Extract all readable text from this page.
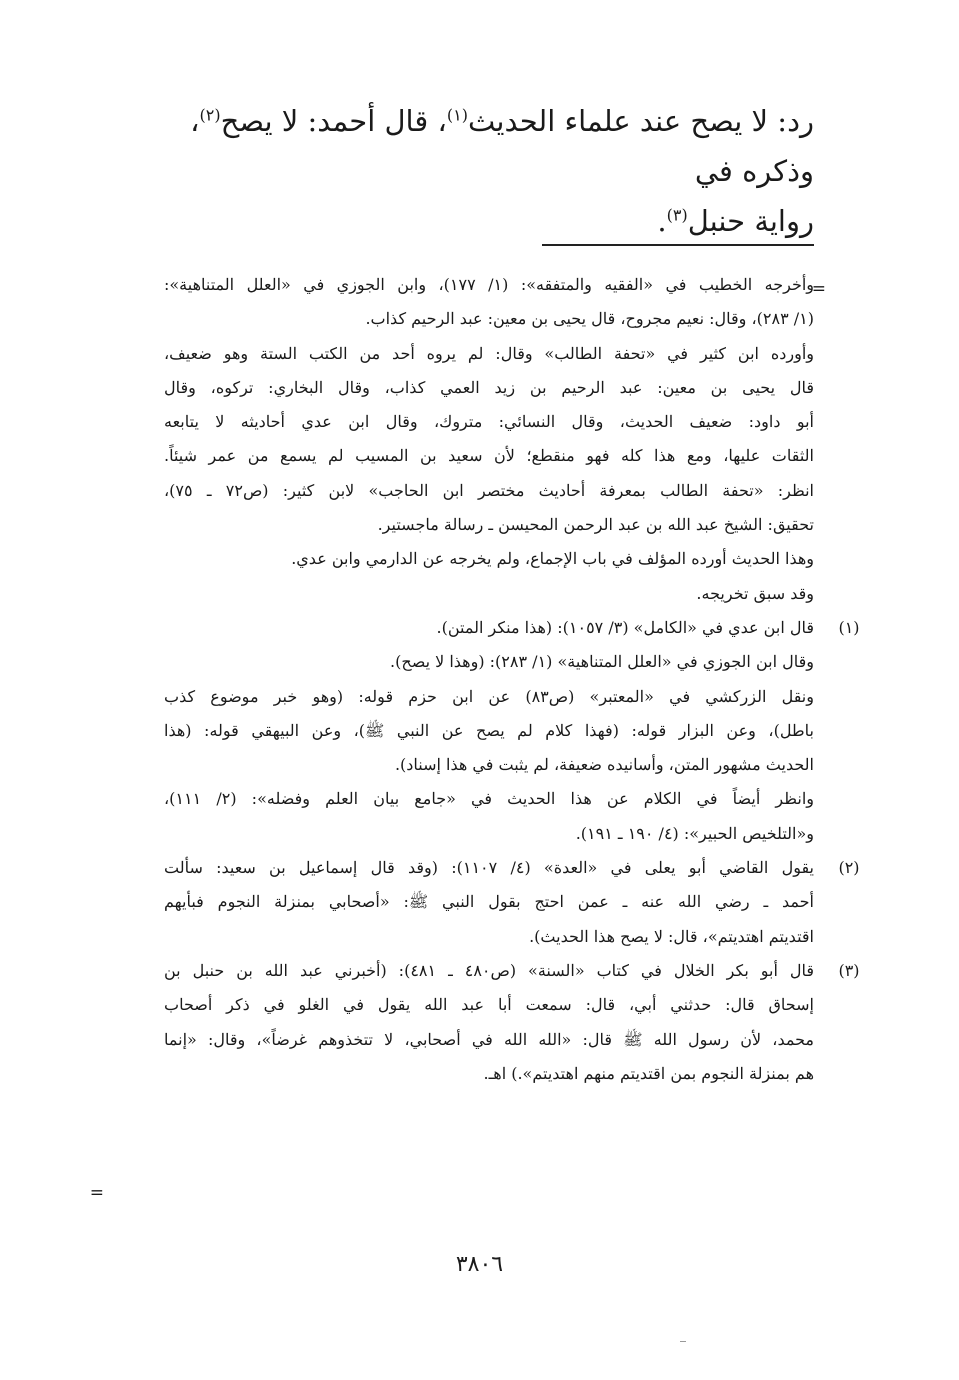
رد: لا يصح عند علماء الحديث$^{(١)}$، قال أحمد: لا يصح$^{(٢)}$، وذكره في

رواية حنبل$^{(٣)}$.

=

وأخرجه الخطيب في «الفقيه والمتفقه»: (١/ ١٧٧)، وابن الجوزي في «العلل المتناهية»:

(١/ ٢٨٣)، وقال: نعيم مجروح، قال يحيى بن معين: عبد الرحيم كذاب.

وأورده ابن كثير في «تحفة الطالب» وقال: لم يروه أحد من الكتب الستة وهو ضعيف،

قال يحيى بن معين: عبد الرحيم بن زيد العمي كذاب، وقال البخاري: تركوه، وقال

أبو داود: ضعيف الحديث، وقال النسائي: متروك، وقال ابن عدي أحاديثه لا يتابعه

الثقات عليها، ومع هذا كله فهو منقطع؛ لأن سعيد بن المسيب لم يسمع من عمر شيئاً.

انظر: «تحفة الطالب بمعرفة أحاديث مختصر ابن الحاجب» لابن كثير: (ص٧٢ ـ ٧٥)،

تحقيق: الشيخ عبد الله بن عبد الرحمن المحيسن ـ رسالة ماجستير.

وهذا الحديث أورده المؤلف في باب الإجماع، ولم يخرجه عن الدارمي وابن عدي.

وقد سبق تخريجه.

(١)

قال ابن عدي في «الكامل» (٣/ ١٠٥٧): (هذا منكر المتن).

وقال ابن الجوزي في «العلل المتناهية» (١/ ٢٨٣): (وهذا لا يصح).

ونقل الزركشي في «المعتبر» (ص٨٣) عن ابن حزم قوله: (وهو خبر موضوع كذب

باطل)، وعن البزار قوله: (فهذا كلام لم يصح عن النبي ﷺ)، وعن البيهقي قوله: (هذا

الحديث مشهور المتن، وأسانيده ضعيفة، لم يثبت في هذا إسناد).

وانظر أيضاً في الكلام عن هذا الحديث في «جامع بيان العلم وفضله»: (٢/ ١١١)،

و«التلخيص الحبير»: (٤/ ١٩٠ ـ ١٩١).

(٢)

يقول القاضي أبو يعلى في «العدة» (٤/ ١١٠٧): (وقد قال إسماعيل بن سعيد: سألت

أحمد ـ رضي الله عنه ـ عمن احتج بقول النبي ﷺ: «أصحابي بمنزلة النجوم فبأيهم

اقتديتم اهتديتم»، قال: لا يصح هذا الحديث).

(٣)

قال أبو بكر الخلال في كتاب «السنة» (ص٤٨٠ ـ ٤٨١): (أخبرني عبد الله بن حنبل بن

إسحاق قال: حدثني أبي، قال: سمعت أبا عبد الله يقول في الغلو في ذكر أصحاب

محمد، لأن رسول الله ﷺ قال: «الله الله في أصحابي، لا تتخذوهم غرضاً»، وقال: «إنما

هم بمنزلة النجوم بمن اقتديتم منهم اهتديتم».) اهـ.

=
٣٨٠٦
